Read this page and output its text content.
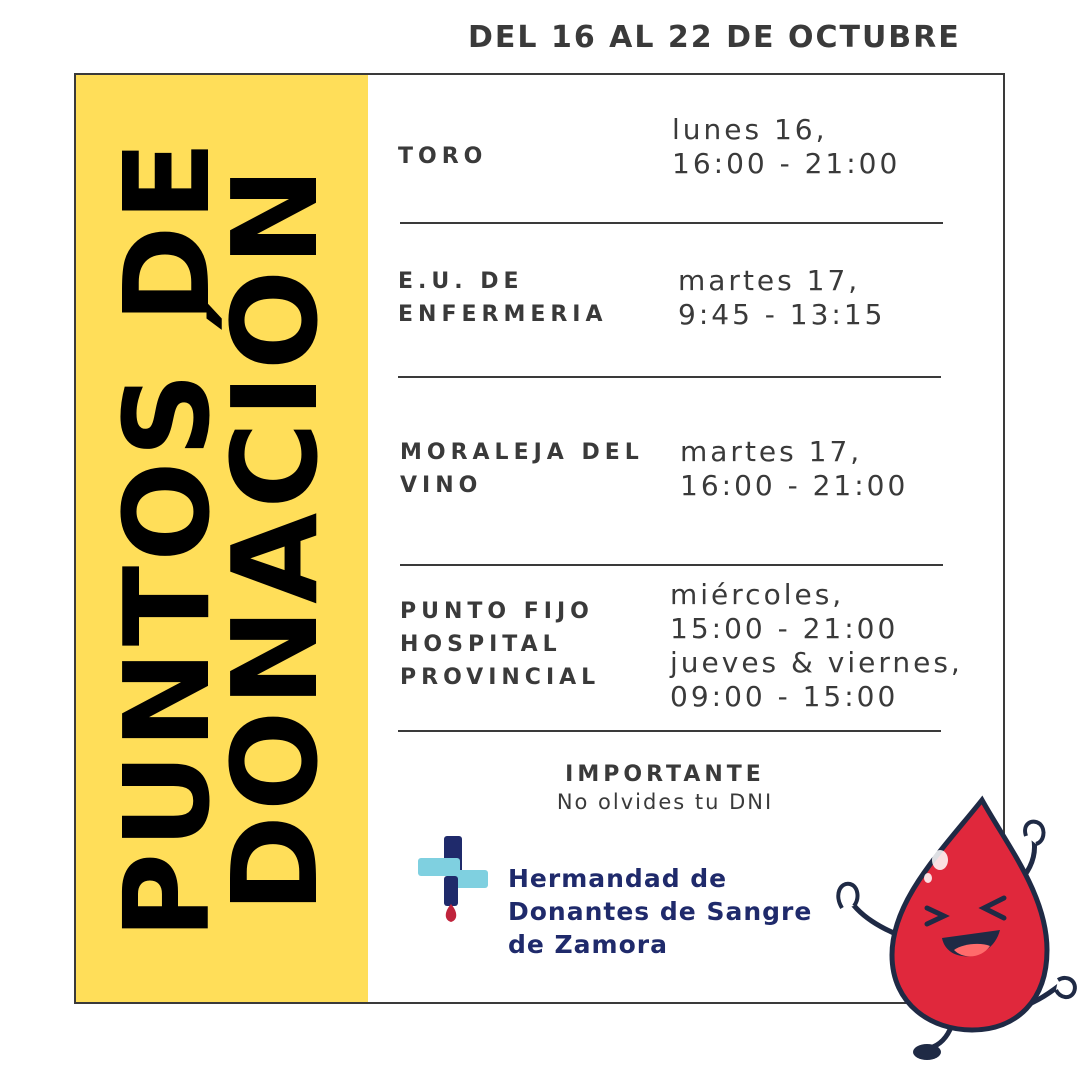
DEL 16 AL 22 DE OCTUBRE
PUNTOS DE
DONACIÓN
TORO
lunes 16,
16:00 - 21:00
E.U. DE
ENFERMERIA
martes 17,
9:45 - 13:15
MORALEJA DEL
VINO
martes 17,
16:00 - 21:00
PUNTO FIJO
HOSPITAL
PROVINCIAL
miércoles,
15:00 - 21:00
jueves & viernes,
09:00 - 15:00
IMPORTANTE
No olvides tu DNI
Hermandad de
Donantes de Sangre
de Zamora
